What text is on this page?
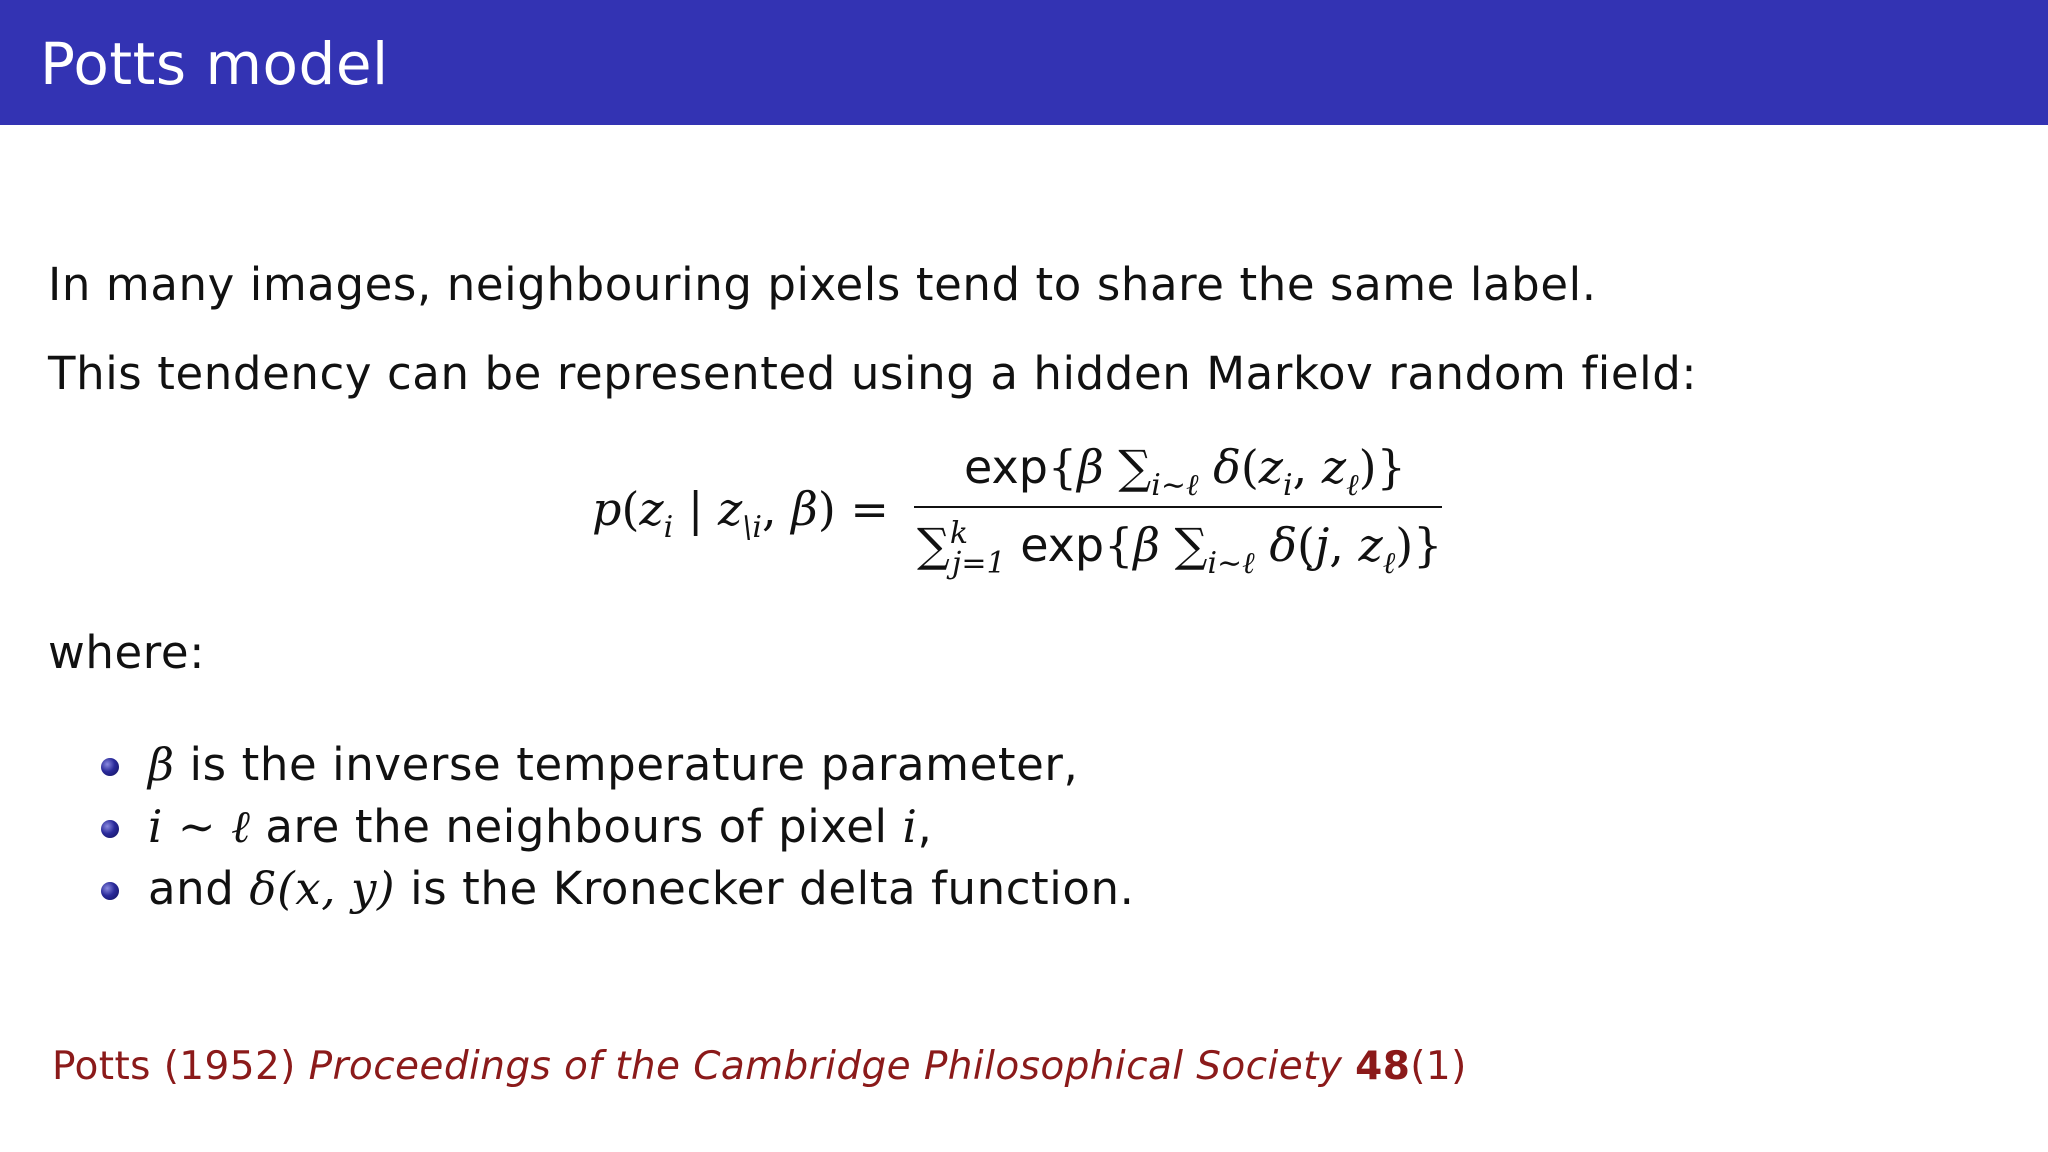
Potts model
In many images, neighbouring pixels tend to share the same label.
This tendency can be represented using a hidden Markov random field:
$p(z_i$ | $z_{\backslash i}$, β) =
exp{β $\sum_{i\sim\ell}$ $\delta(z_i$, $z_\ell$)}
∑$^k_{j=1}$ exp{β $\sum_{i\sim\ell}$ δ(j, $z_\ell$)}
where:
β is the inverse temperature parameter,
i ∼ ℓ are the neighbours of pixel i,
and δ(x, y) is the Kronecker delta function.
Potts (1952) Proceedings of the Cambridge Philosophical Society 48(1)
